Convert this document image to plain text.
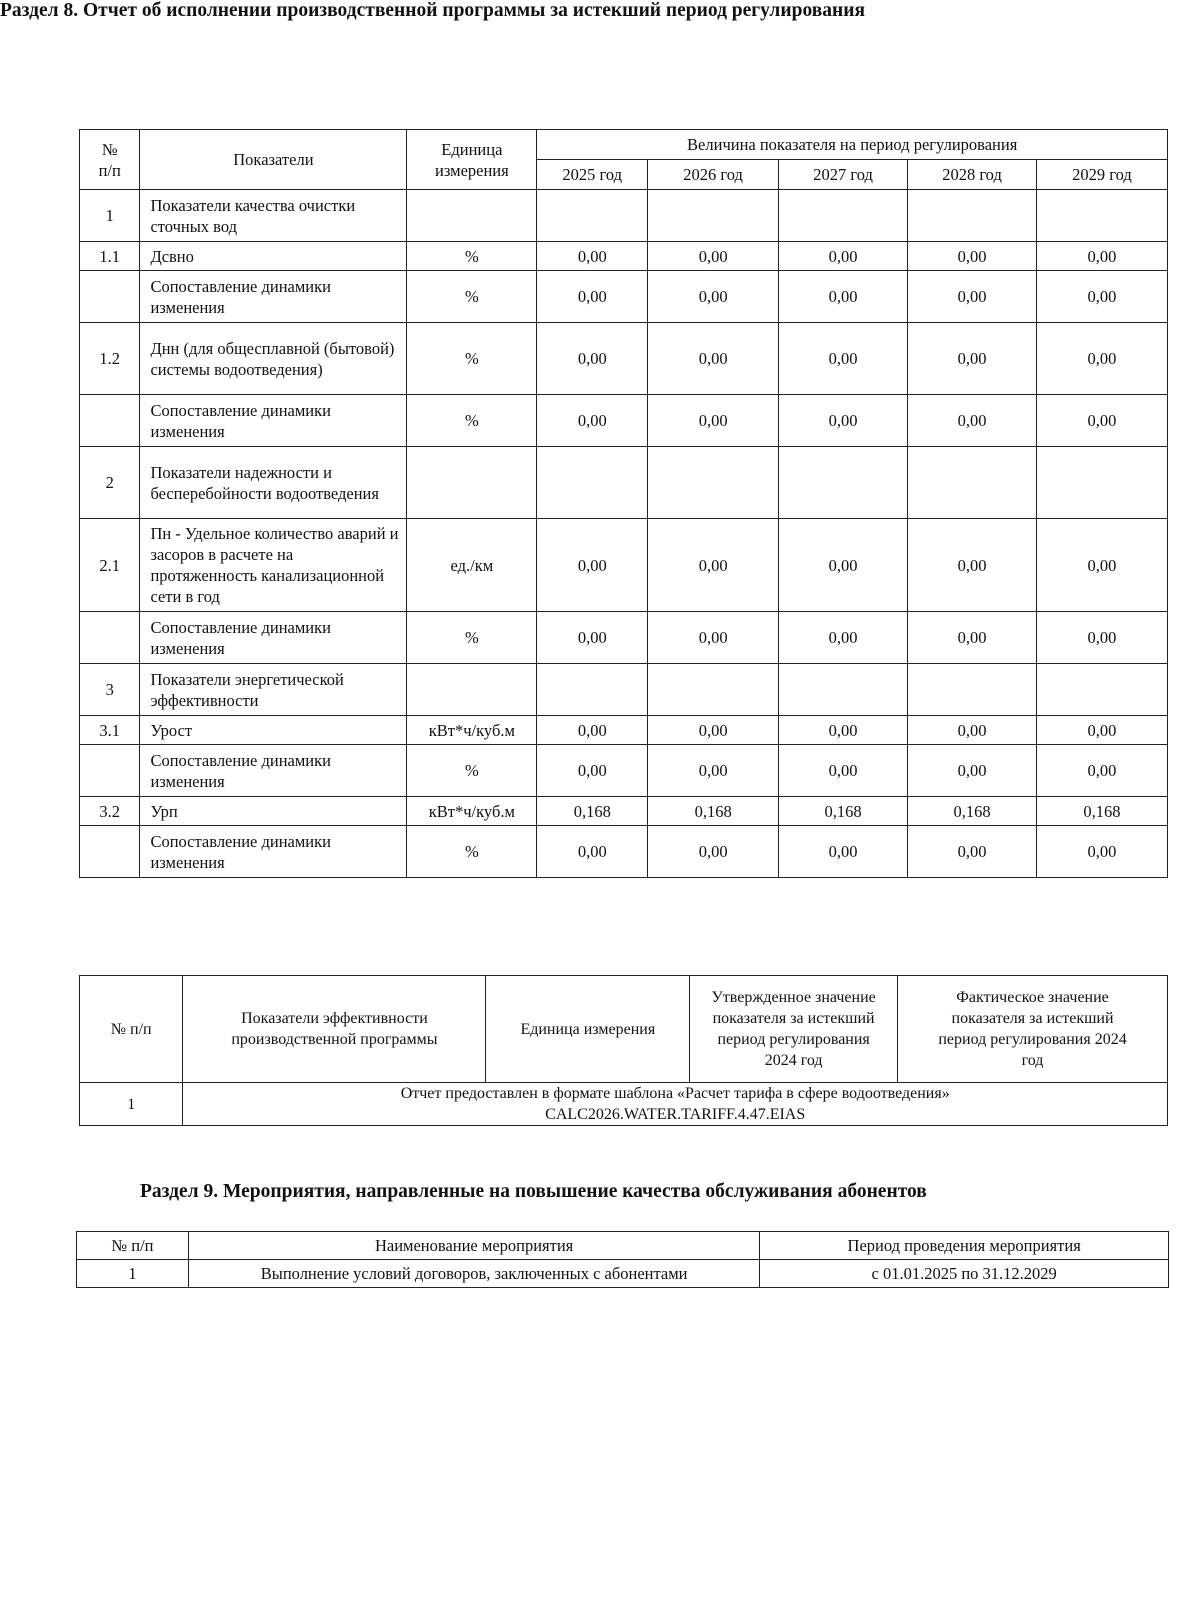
№ п/п	Показатели	Единица измерения	Величина показателя на период регулирования				
			2025 год	2026 год	2027 год	2028 год	2029 год
1	Показатели качества очистки сточных вод						
1.1	Дсвно	%	0,00	0,00	0,00	0,00	0,00
	Сопоставление динамики изменения	%	0,00	0,00	0,00	0,00	0,00
1.2	Днн (для общесплавной (бытовой) системы водоотведения)	%	0,00	0,00	0,00	0,00	0,00
	Сопоставление динамики изменения	%	0,00	0,00	0,00	0,00	0,00
2	Показатели надежности и бесперебойности водоотведения						
2.1	Пн - Удельное количество аварий и засоров в расчете на протяженность канализационной сети в год	ед./км	0,00	0,00	0,00	0,00	0,00
	Сопоставление динамики изменения	%	0,00	0,00	0,00	0,00	0,00
3	Показатели энергетической эффективности						
3.1	Урост	кВт*ч/куб.м	0,00	0,00	0,00	0,00	0,00
	Сопоставление динамики изменения	%	0,00	0,00	0,00	0,00	0,00
3.2	Урп	кВт*ч/куб.м	0,168	0,168	0,168	0,168	0,168
	Сопоставление динамики изменения	%	0,00	0,00	0,00	0,00	0,00
Раздел 8. Отчет об исполнении производственной программы за истекший период регулирования
№ п/п	Показатели эффективности производственной программы	Единица измерения	Утвержденное значение показателя за истекший период регулирования 2024 год	Фактическое значение показателя за истекший период регулирования 2024 год
1	Отчет предоставлен в формате шаблона «Расчет тарифа в сфере водоотведения»
CALC2026.WATER.TARIFF.4.47.EIAS			
Раздел 9. Мероприятия, направленные на повышение качества обслуживания абонентов
№ п/п	Наименование мероприятия	Период проведения мероприятия
1	Выполнение условий договоров, заключенных с абонентами	с 01.01.2025 по 31.12.2029
